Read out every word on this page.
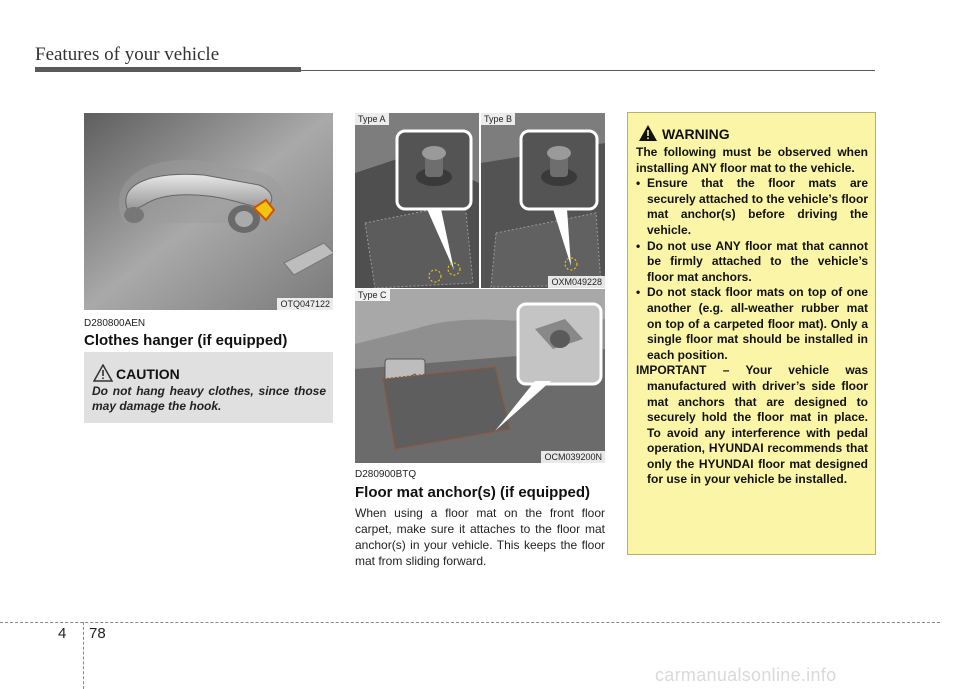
Features of your vehicle
OTQ047122
D280800AEN
Clothes hanger (if equipped)
CAUTION
Do not hang heavy clothes, since those may damage the hook.
Type A	Type B
OXM049228
Type C
OCM039200N
D280900BTQ
Floor mat anchor(s) (if equipped)
When using a floor mat on the front floor carpet, make sure it attaches to the floor mat anchor(s) in your vehicle. This keeps the floor mat from sliding forward.
WARNING

The following must be observed when installing ANY floor mat to the vehicle.

• Ensure that the floor mats are securely attached to the vehicle’s floor mat anchor(s) before driving the vehicle.
• Do not use ANY floor mat that cannot be firmly attached to the vehicle’s floor mat anchors.
• Do not stack floor mats on top of one another (e.g. all-weather rubber mat on top of a carpeted floor mat). Only a single floor mat should be installed in each position.

IMPORTANT – Your vehicle was manufactured with driver’s side floor mat anchors that are designed to securely hold the floor mat in place. To avoid any interference with pedal operation, HYUNDAI recommends that only the HYUNDAI floor mat designed for use in your vehicle be installed.

4 78
carmanualsonline.info
